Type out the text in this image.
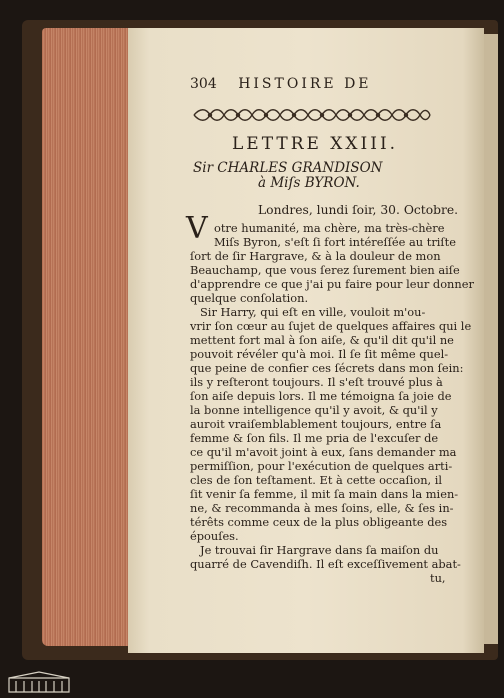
304 HISTOIRE DE
LETTRE XXIII.
Sir CHARLES GRANDISON
à Miſs BYRON.
Londres, lundi ſoir, 30. Octobre.
V otre humanité, ma chère, ma très-chère
Miſs Byron, s'eſt ſi fort intéreſſée au triſte
ſort de ſir Hargrave, & à la douleur de mon
Beauchamp, que vous ſerez ſurement bien aiſe
d'apprendre ce que j'ai pu faire pour leur donner
quelque conſolation.
Sir Harry, qui eſt en ville, vouloit m'ou-
vrir ſon cœur au ſujet de quelques affaires qui le
mettent fort mal à ſon aiſe, & qu'il dit qu'il ne
pouvoit révéler qu'à moi. Il ſe ſit même quel-
que peine de confier ces ſécrets dans mon ſein:
ils y reſteront toujours. Il s'eſt trouvé plus à
ſon aiſe depuis lors. Il me témoigna ſa joie de
la bonne intelligence qu'il y avoit, & qu'il y
auroit vraiſemblablement toujours, entre ſa
femme & ſon fils. Il me pria de l'excuſer de
ce qu'il m'avoit joint à eux, ſans demander ma
permiſſion, pour l'exécution de quelques arti-
cles de ſon teſtament. Et à cette occaſion, il
ſit venir ſa femme, il mit ſa main dans la mien-
ne, & recommanda à mes ſoins, elle, & ſes in-
térêts comme ceux de la plus obligeante des
épouſes.
Je trouvai ſir Hargrave dans ſa maiſon du
quarré de Cavendiſh. Il eſt exceſſivement abat-
tu,
